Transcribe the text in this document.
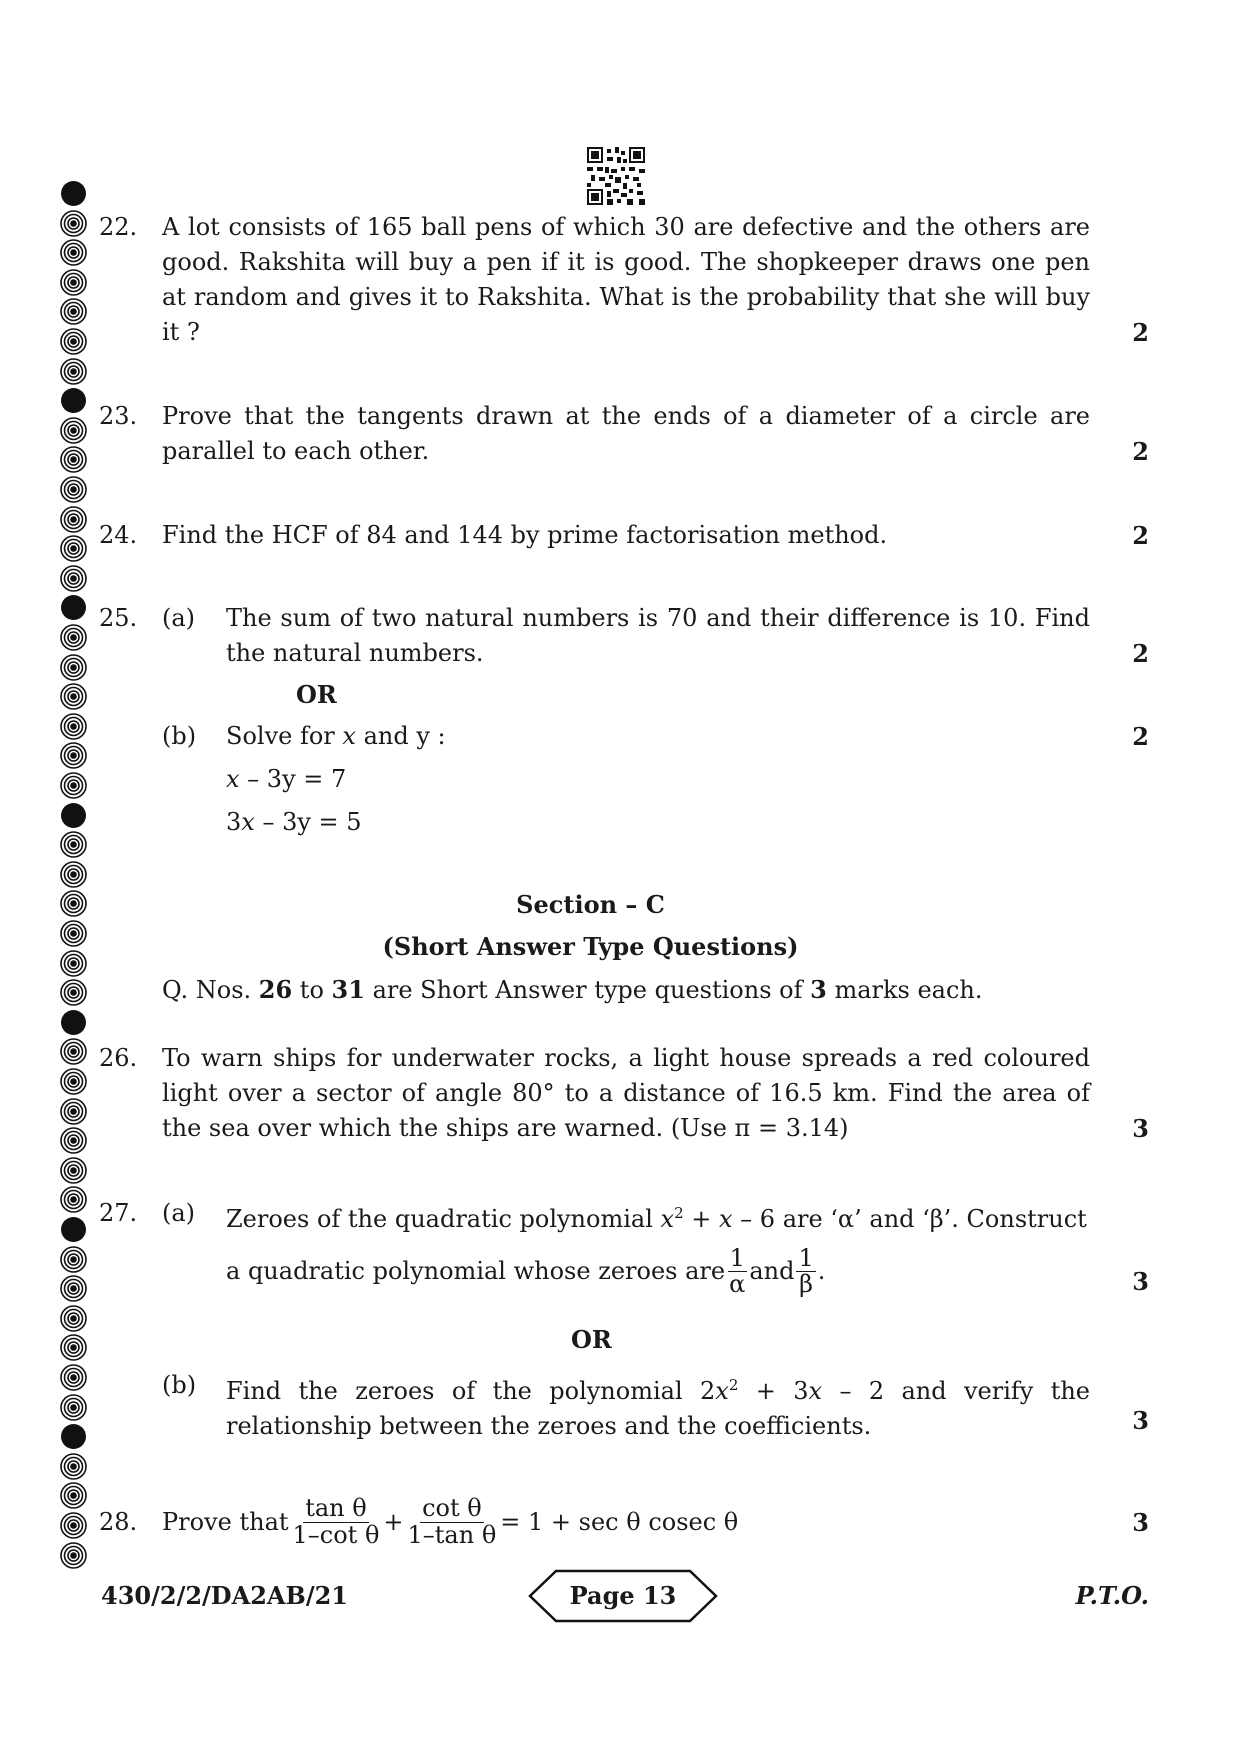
22. A lot consists of 165 ball pens of which 30 are defective and the others are good. Rakshita will buy a pen if it is good. The shopkeeper draws one pen at random and gives it to Rakshita. What is the probability that she will buy it ?	2
23. Prove that the tangents drawn at the ends of a diameter of a circle are parallel to each other.	2
24. Find the HCF of 84 and 144 by prime factorisation method.	2
25. (a) The sum of two natural numbers is 70 and their difference is 10. Find the natural numbers.	2
OR
(b) Solve for x and y :	2
x – 3y = 7
3x – 3y = 5
Section – C
(Short Answer Type Questions)
Q. Nos. 26 to 31 are Short Answer type questions of 3 marks each.
26. To warn ships for underwater rocks, a light house spreads a red coloured light over a sector of angle 80° to a distance of 16.5 km. Find the area of the sea over which the ships are warned. (Use π = 3.14)	3
27. (a) Zeroes of the quadratic polynomial $x^2 + x - 6$ are ‘α’ and ‘β’. Construct
a quadratic polynomial whose zeroes are $\frac{1}{\alpha}$ and $\frac{1}{\beta}$ .	3
OR
(b) Find the zeroes of the polynomial $2x^2 + 3x - 2$ and verify the relationship between the zeroes and the coefficients.	3
28. Prove that $\frac{\text{tan θ}}{\text{1–cot θ}} + \frac{\text{cot θ}}{\text{1–tan θ}} = 1 + \sec \theta$ cosec θ	3
430/2/2/DA2AB/21	Page 13	P.T.O.
